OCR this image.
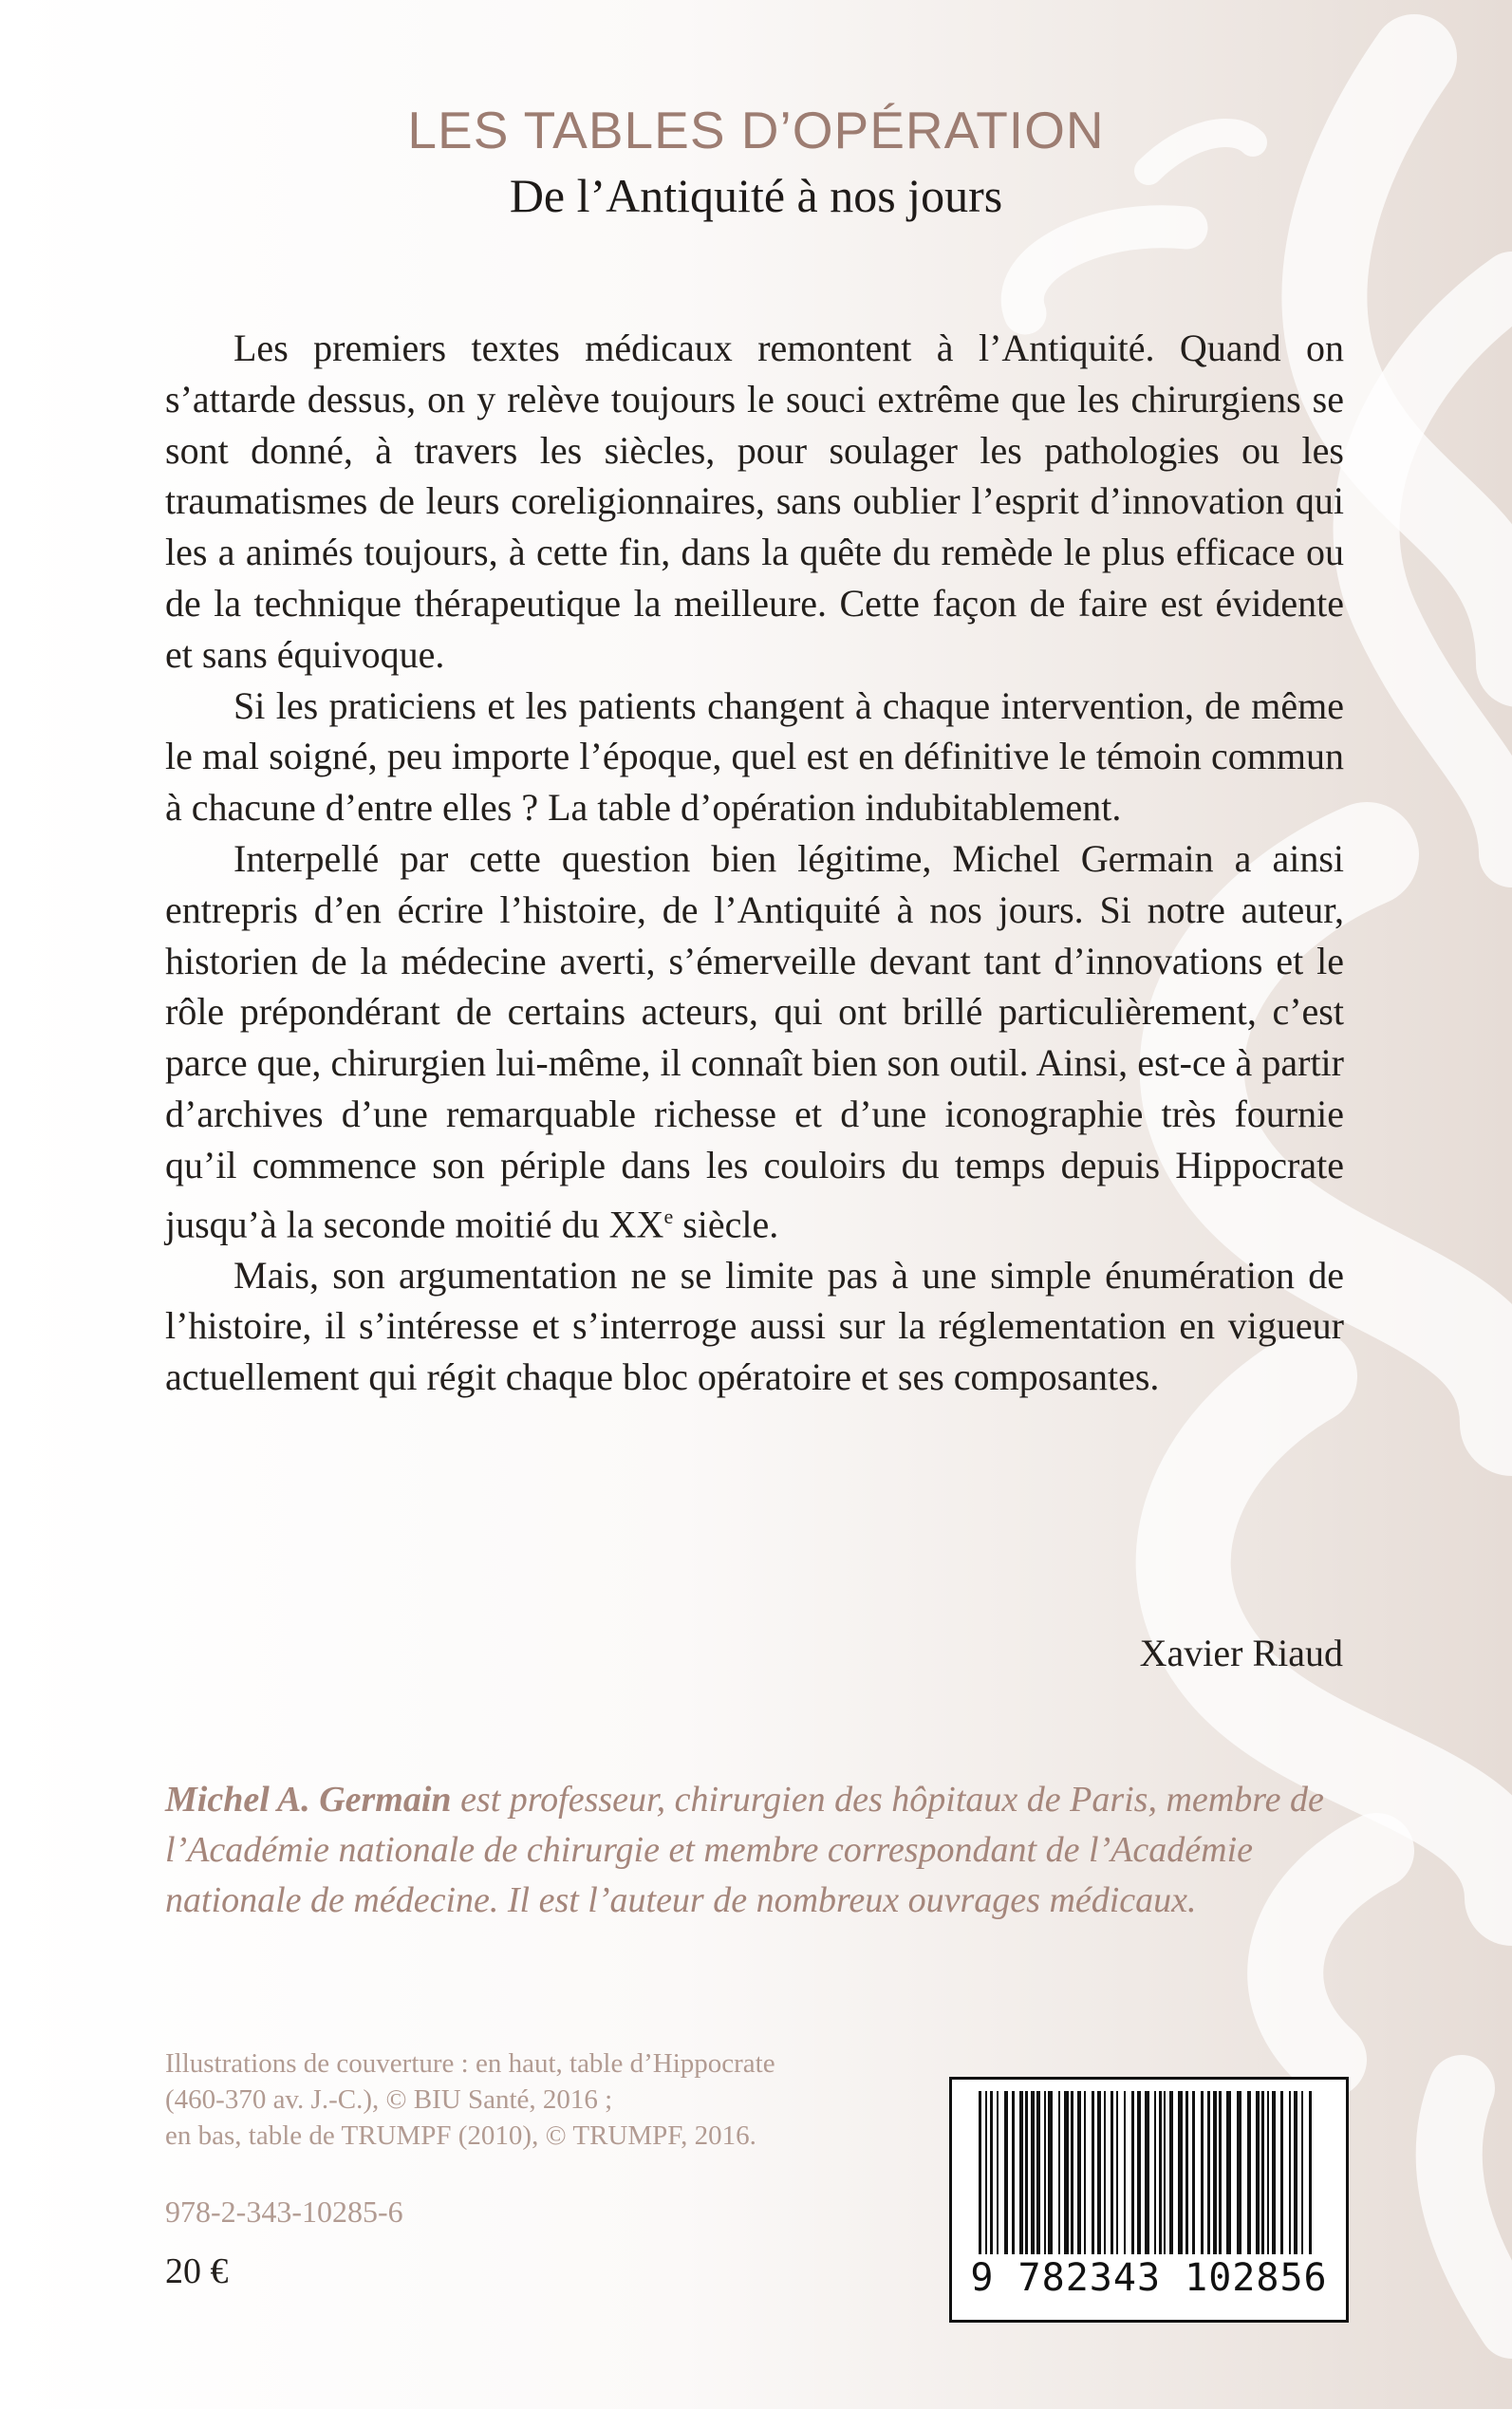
LES TABLES D’OPÉRATION
De l’Antiquité à nos jours

Les premiers textes médicaux remontent à l’Antiquité. Quand on s’attarde dessus, on y relève toujours le souci extrême que les chirurgiens se sont donné, à travers les siècles, pour soulager les pathologies ou les traumatismes de leurs coreligionnaires, sans oublier l’esprit d’innovation qui les a animés toujours, à cette fin, dans la quête du remède le plus efficace ou de la technique thérapeutique la meilleure. Cette façon de faire est évidente et sans équivoque.

Si les praticiens et les patients changent à chaque intervention, de même le mal soigné, peu importe l’époque, quel est en définitive le témoin commun à chacune d’entre elles ? La table d’opération indubitablement.

Interpellé par cette question bien légitime, Michel Germain a ainsi entrepris d’en écrire l’histoire, de l’Antiquité à nos jours. Si notre auteur, historien de la médecine averti, s’émerveille devant tant d’innovations et le rôle prépondérant de certains acteurs, qui ont brillé particulièrement, c’est parce que, chirurgien lui-même, il connaît bien son outil. Ainsi, est-ce à partir d’archives d’une remarquable richesse et d’une iconographie très fournie qu’il commence son périple dans les couloirs du temps depuis Hippocrate jusqu’à la seconde moitié du XXe siècle.

Mais, son argumentation ne se limite pas à une simple énumération de l’histoire, il s’intéresse et s’interroge aussi sur la réglementation en vigueur actuellement qui régit chaque bloc opératoire et ses composantes.

Xavier Riaud

Michel A. Germain est professeur, chirurgien des hôpitaux de Paris, membre de l’Académie nationale de chirurgie et membre correspondant de l’Académie nationale de médecine. Il est l’auteur de nombreux ouvrages médicaux.

Illustrations de couverture : en haut, table d’Hippocrate
(460-370 av. J.-C.), © BIU Santé, 2016 ;
en bas, table de TRUMPF (2010), © TRUMPF, 2016.
978-2-343-10285-6
20 €	9 782343 102856
